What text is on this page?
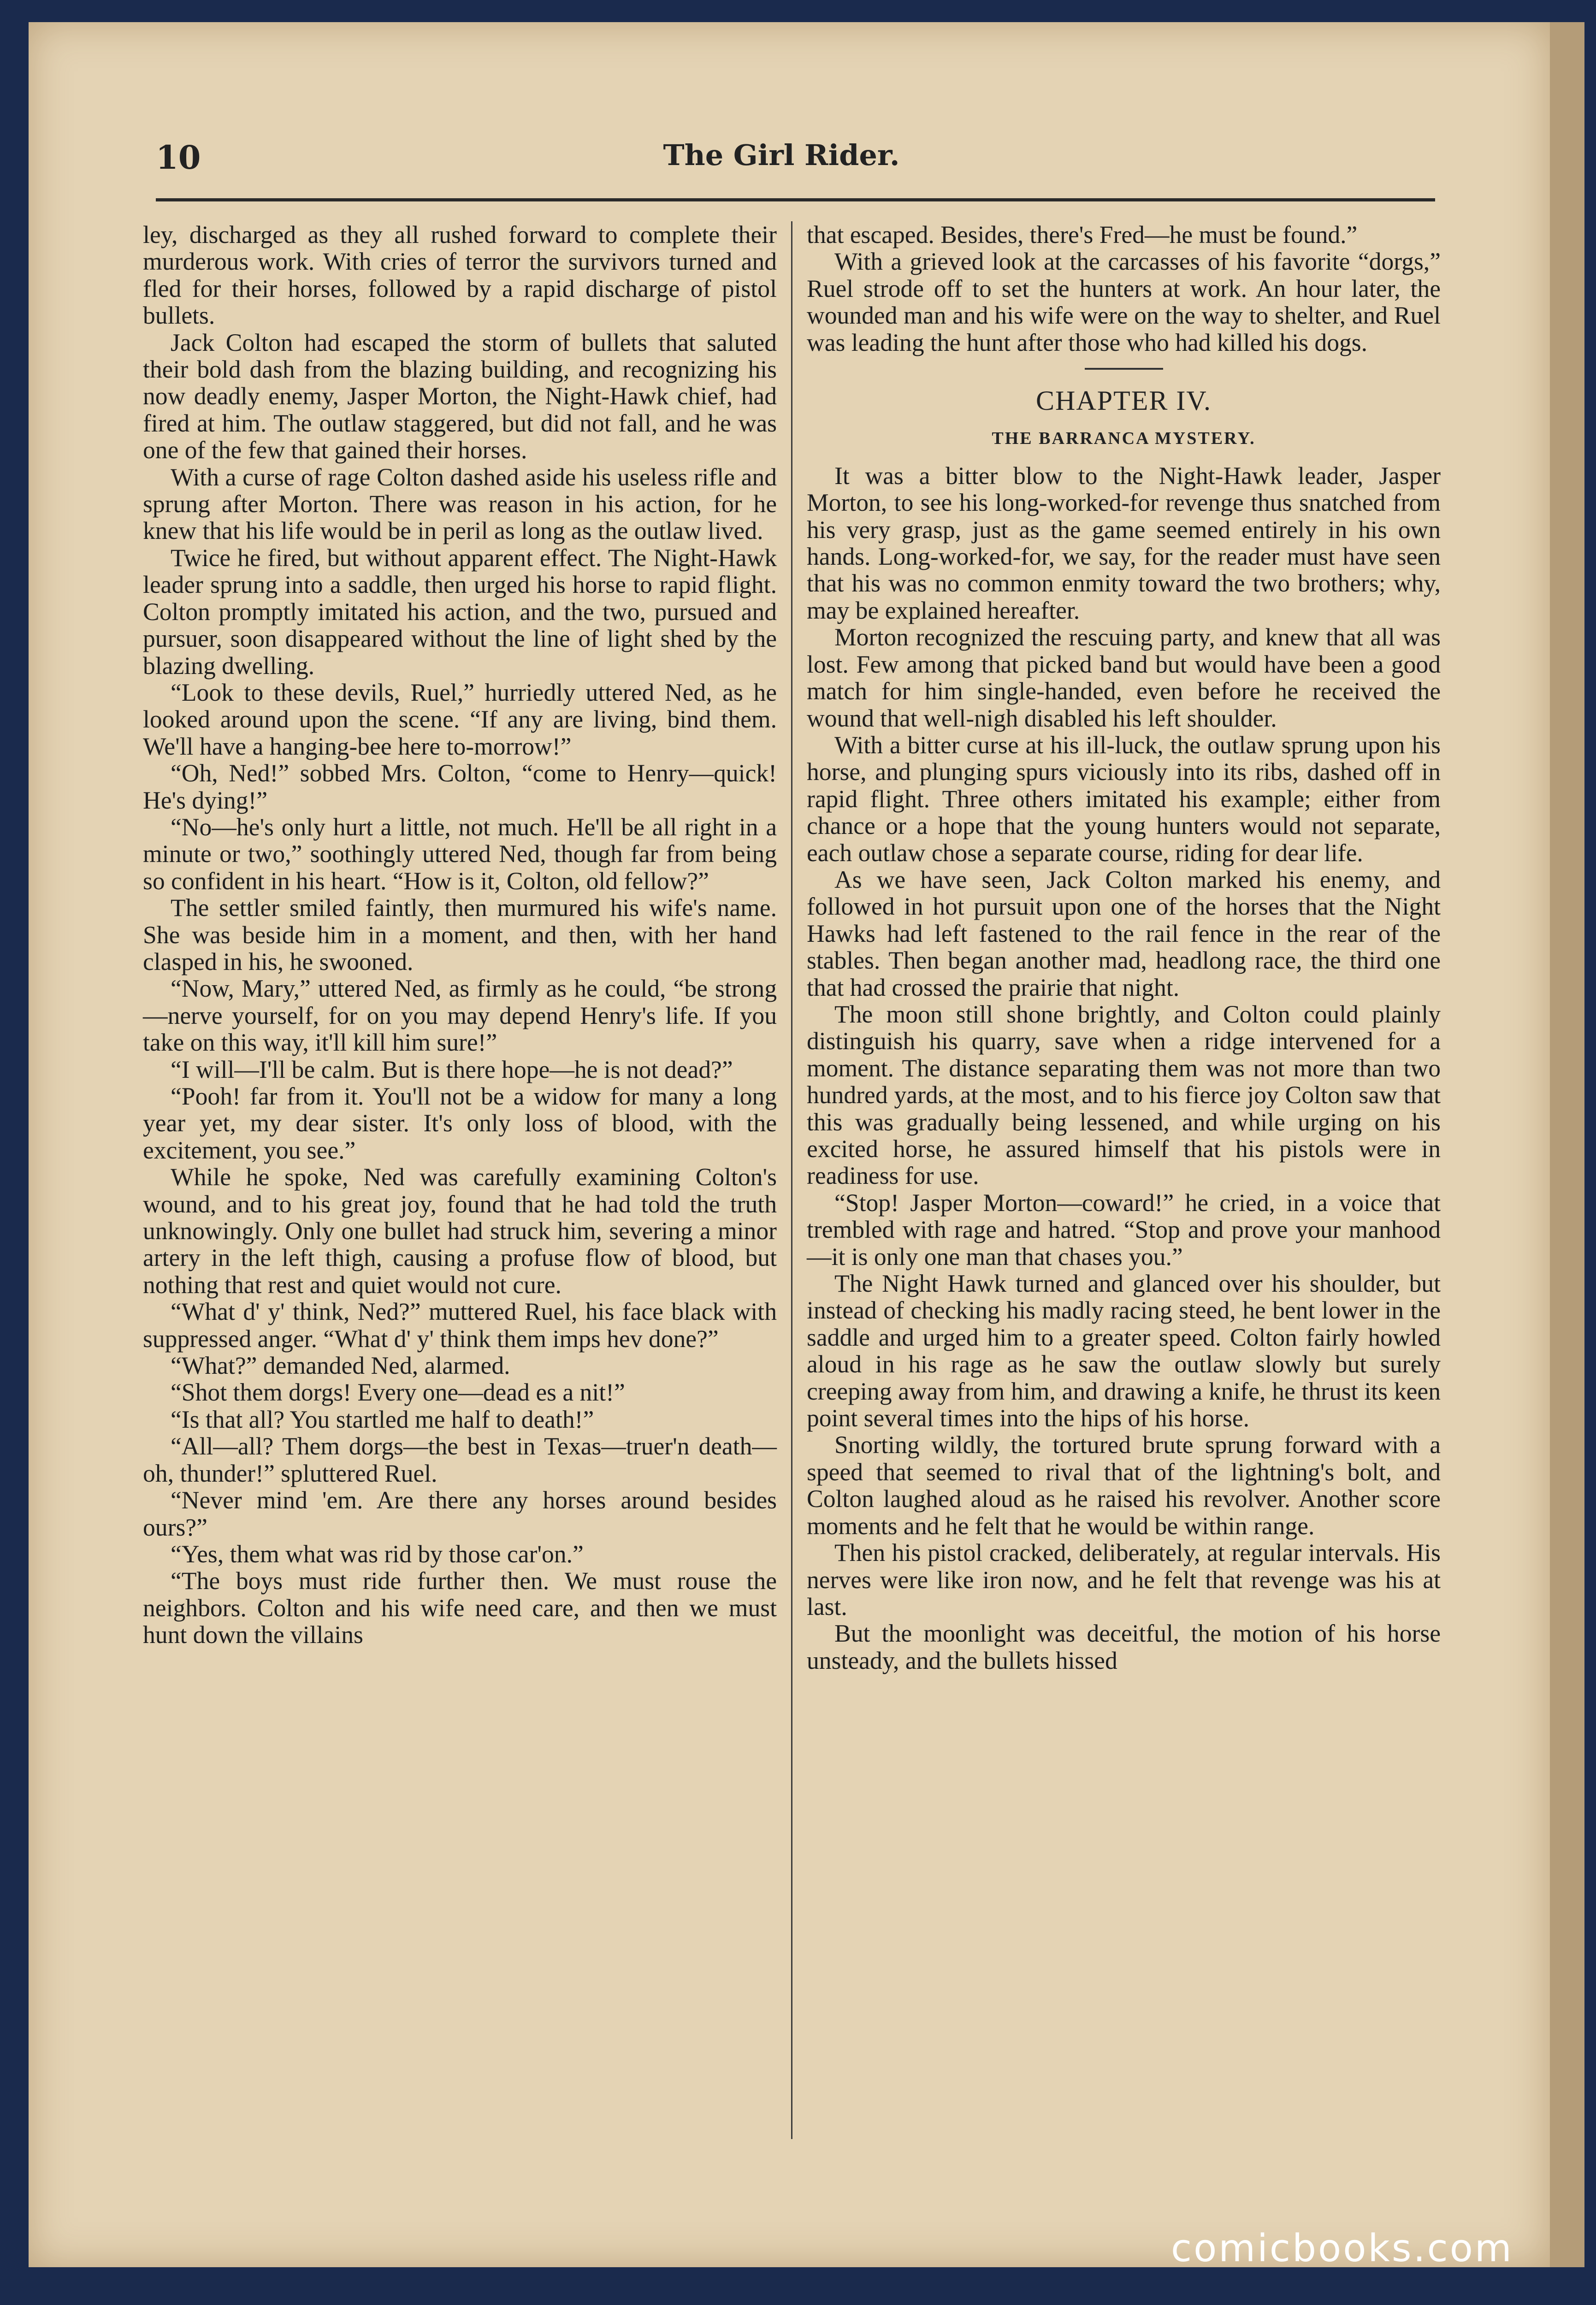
10	The Girl Rider.

ley, discharged as they all rushed forward to complete their murderous work. With cries of terror the survivors turned and fled for their horses, followed by a rapid discharge of pistol bullets.

Jack Colton had escaped the storm of bullets that saluted their bold dash from the blazing building, and recognizing his now deadly enemy, Jasper Morton, the Night-Hawk chief, had fired at him. The outlaw staggered, but did not fall, and he was one of the few that gained their horses.

With a curse of rage Colton dashed aside his useless rifle and sprung after Morton. There was reason in his action, for he knew that his life would be in peril as long as the outlaw lived.

Twice he fired, but without apparent effect. The Night-Hawk leader sprung into a saddle, then urged his horse to rapid flight. Colton promptly imitated his action, and the two, pursued and pursuer, soon disappeared without the line of light shed by the blazing dwelling.

“Look to these devils, Ruel,” hurriedly uttered Ned, as he looked around upon the scene. “If any are living, bind them. We'll have a hanging-bee here to-morrow!”

“Oh, Ned!” sobbed Mrs. Colton, “come to Henry—quick! He's dying!”

“No—he's only hurt a little, not much. He'll be all right in a minute or two,” soothingly uttered Ned, though far from being so confident in his heart. “How is it, Colton, old fellow?”

The settler smiled faintly, then murmured his wife's name. She was beside him in a moment, and then, with her hand clasped in his, he swooned.

“Now, Mary,” uttered Ned, as firmly as he could, “be strong—nerve yourself, for on you may depend Henry's life. If you take on this way, it'll kill him sure!”

“I will—I'll be calm. But is there hope—he is not dead?”

“Pooh! far from it. You'll not be a widow for many a long year yet, my dear sister. It's only loss of blood, with the excitement, you see.”

While he spoke, Ned was carefully examining Colton's wound, and to his great joy, found that he had told the truth unknowingly. Only one bullet had struck him, severing a minor artery in the left thigh, causing a profuse flow of blood, but nothing that rest and quiet would not cure.

“What d' y' think, Ned?” muttered Ruel, his face black with suppressed anger. “What d' y' think them imps hev done?”

“What?” demanded Ned, alarmed.

“Shot them dorgs! Every one—dead es a nit!”

“Is that all? You startled me half to death!”

“All—all? Them dorgs—the best in Texas—truer'n death—oh, thunder!” spluttered Ruel.

“Never mind 'em. Are there any horses around besides ours?”

“Yes, them what was rid by those car'on.”

“The boys must ride further then. We must rouse the neighbors. Colton and his wife need care, and then we must hunt down the villains

that escaped. Besides, there's Fred—he must be found.”

With a grieved look at the carcasses of his favorite “dorgs,” Ruel strode off to set the hunters at work. An hour later, the wounded man and his wife were on the way to shelter, and Ruel was leading the hunt after those who had killed his dogs.

CHAPTER IV.
THE BARRANCA MYSTERY.

It was a bitter blow to the Night-Hawk leader, Jasper Morton, to see his long-worked-for revenge thus snatched from his very grasp, just as the game seemed entirely in his own hands. Long-worked-for, we say, for the reader must have seen that his was no common enmity toward the two brothers; why, may be explained hereafter.

Morton recognized the rescuing party, and knew that all was lost. Few among that picked band but would have been a good match for him single-handed, even before he received the wound that well-nigh disabled his left shoulder.

With a bitter curse at his ill-luck, the outlaw sprung upon his horse, and plunging spurs viciously into its ribs, dashed off in rapid flight. Three others imitated his example; either from chance or a hope that the young hunters would not separate, each outlaw chose a separate course, riding for dear life.

As we have seen, Jack Colton marked his enemy, and followed in hot pursuit upon one of the horses that the Night Hawks had left fastened to the rail fence in the rear of the stables. Then began another mad, headlong race, the third one that had crossed the prairie that night.

The moon still shone brightly, and Colton could plainly distinguish his quarry, save when a ridge intervened for a moment. The distance separating them was not more than two hundred yards, at the most, and to his fierce joy Colton saw that this was gradually being lessened, and while urging on his excited horse, he assured himself that his pistols were in readiness for use.

“Stop! Jasper Morton—coward!” he cried, in a voice that trembled with rage and hatred. “Stop and prove your manhood—it is only one man that chases you.”

The Night Hawk turned and glanced over his shoulder, but instead of checking his madly racing steed, he bent lower in the saddle and urged him to a greater speed. Colton fairly howled aloud in his rage as he saw the outlaw slowly but surely creeping away from him, and drawing a knife, he thrust its keen point several times into the hips of his horse.

Snorting wildly, the tortured brute sprung forward with a speed that seemed to rival that of the lightning's bolt, and Colton laughed aloud as he raised his revolver. Another score moments and he felt that he would be within range.

Then his pistol cracked, deliberately, at regular intervals. His nerves were like iron now, and he felt that revenge was his at last.

But the moonlight was deceitful, the motion of his horse unsteady, and the bullets hissed

comicbooks.com
